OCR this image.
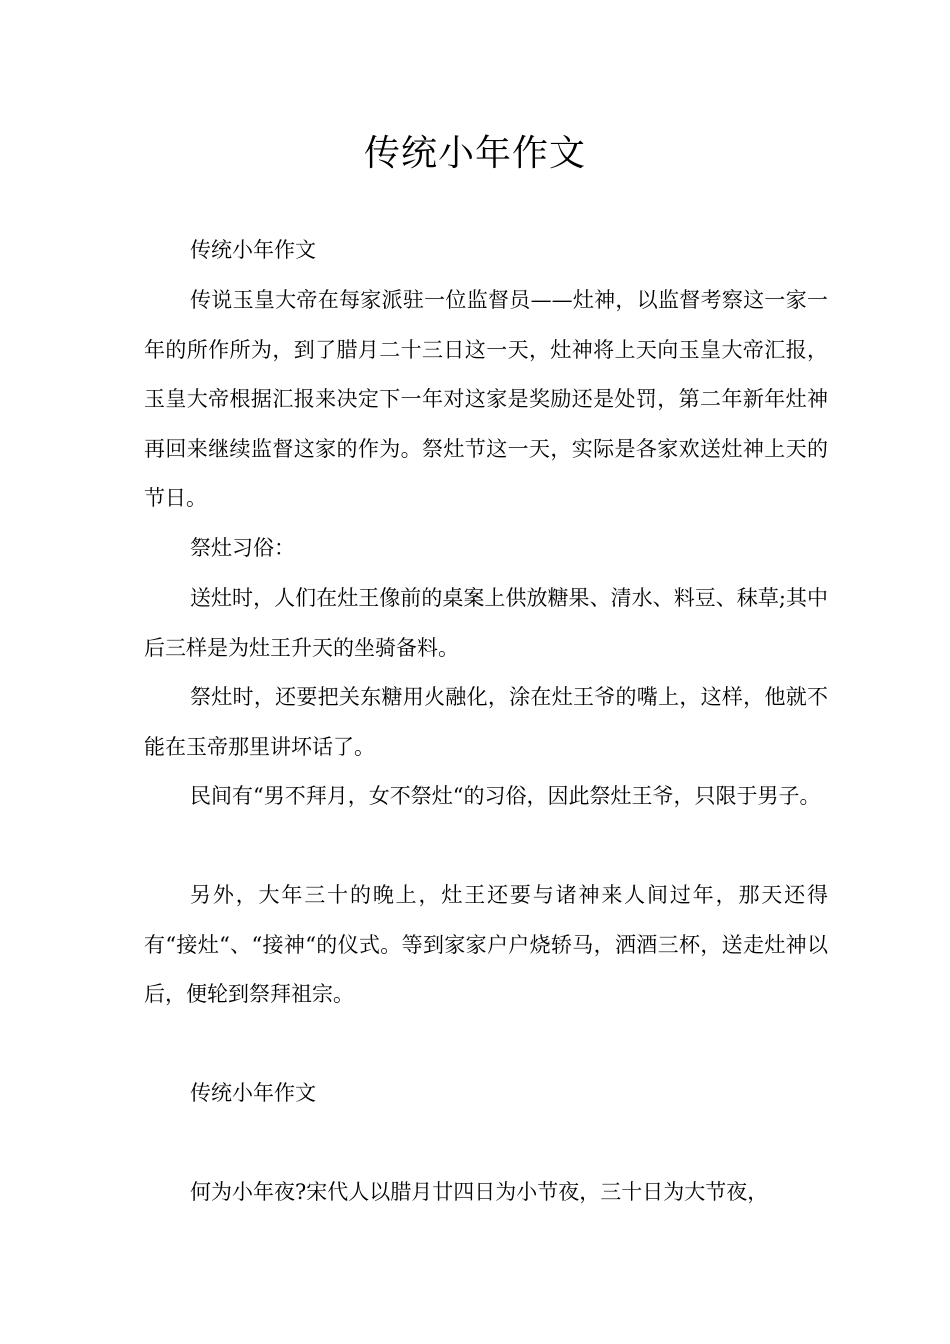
传统小年作文

传统小年作文

传说玉皇大帝在每家派驻一位监督员——灶神，以监督考察这一家一年的所作所为，到了腊月二十三日这一天，灶神将上天向玉皇大帝汇报，玉皇大帝根据汇报来决定下一年对这家是奖励还是处罚，第二年新年灶神再回来继续监督这家的作为。祭灶节这一天，实际是各家欢送灶神上天的节日。

祭灶习俗：

送灶时，人们在灶王像前的桌案上供放糖果、清水、料豆、秣草;其中后三样是为灶王升天的坐骑备料。

祭灶时，还要把关东糖用火融化，涂在灶王爷的嘴上，这样，他就不能在玉帝那里讲坏话了。

民间有“男不拜月，女不祭灶“的习俗，因此祭灶王爷，只限于男子。

另外，大年三十的晚上，灶王还要与诸神来人间过年，那天还得有“接灶“、“接神“的仪式。等到家家户户烧轿马，洒酒三杯，送走灶神以后，便轮到祭拜祖宗。

传统小年作文

何为小年夜?宋代人以腊月廿四日为小节夜，三十日为大节夜，
